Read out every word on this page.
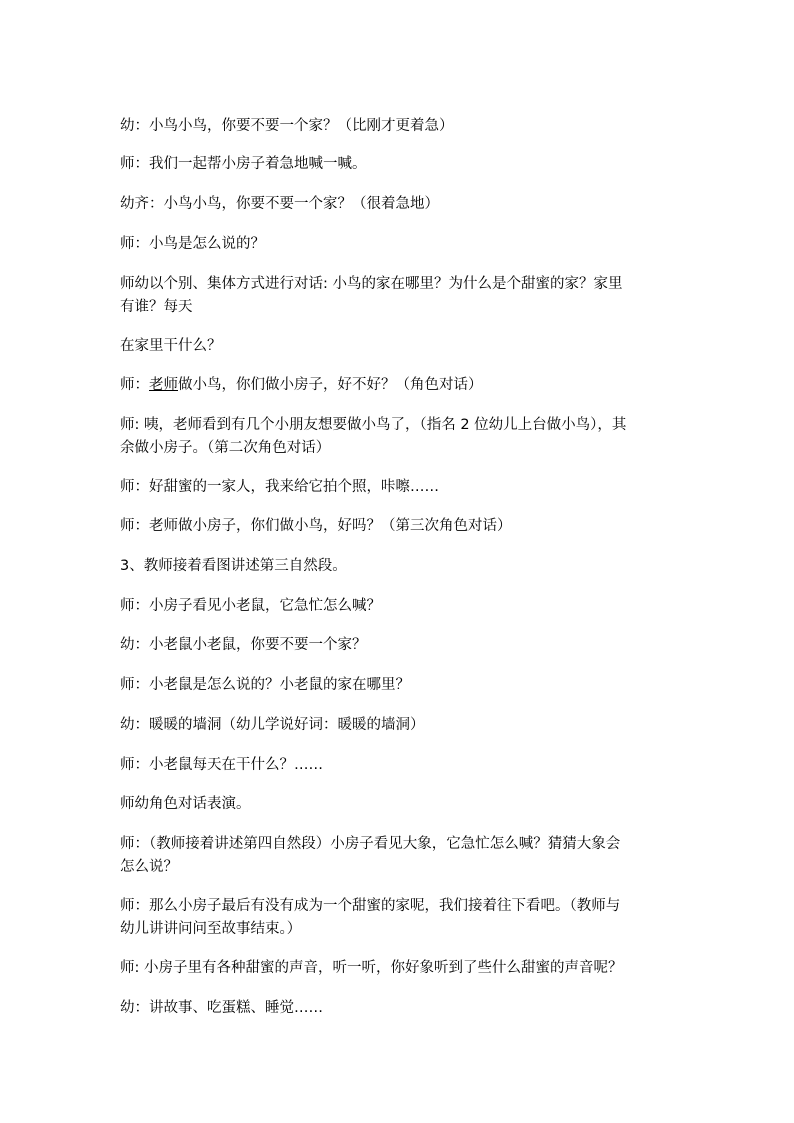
幼：小鸟小鸟，你要不要一个家？（比刚才更着急）

师：我们一起帮小房子着急地喊一喊。

幼齐：小鸟小鸟，你要不要一个家？（很着急地）

师：小鸟是怎么说的？

师幼以个别、集体方式进行对话: 小鸟的家在哪里？为什么是个甜蜜的家？家里
有谁？每天

在家里干什么？

师：老师做小鸟，你们做小房子，好不好？（角色对话）

师: 咦，老师看到有几个小朋友想要做小鸟了，（指名 2 位幼儿上台做小鸟），其
余做小房子。（第二次角色对话）

师：好甜蜜的一家人，我来给它拍个照，咔嚓……

师：老师做小房子，你们做小鸟，好吗？（第三次角色对话）

3、教师接着看图讲述第三自然段。

师：小房子看见小老鼠，它急忙怎么喊？

幼：小老鼠小老鼠，你要不要一个家？

师：小老鼠是怎么说的？小老鼠的家在哪里？

幼：暖暖的墙洞（幼儿学说好词：暖暖的墙洞）

师：小老鼠每天在干什么？……

师幼角色对话表演。

师：（教师接着讲述第四自然段）小房子看见大象，它急忙怎么喊？猜猜大象会
怎么说？

师：那么小房子最后有没有成为一个甜蜜的家呢，我们接着往下看吧。（教师与
幼儿讲讲问问至故事结束。）

师: 小房子里有各种甜蜜的声音，听一听，你好象听到了些什么甜蜜的声音呢？

幼：讲故事、吃蛋糕、睡觉……
